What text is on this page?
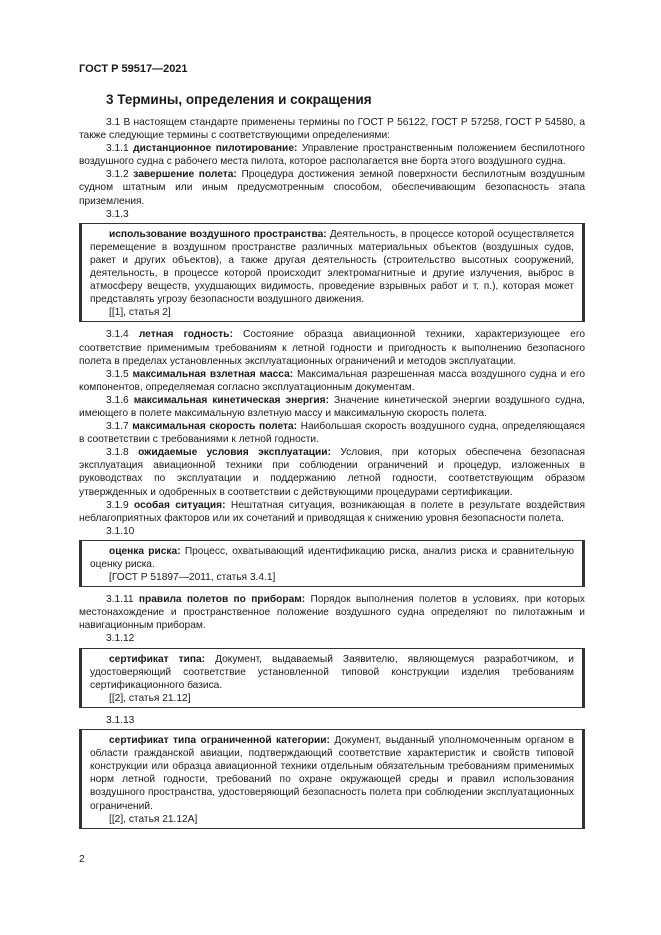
ГОСТ Р 59517—2021

3 Термины, определения и сокращения

3.1 В настоящем стандарте применены термины по ГОСТ Р 56122, ГОСТ Р 57258, ГОСТ Р 54580, а также следующие термины с соответствующими определениями:

3.1.1 дистанционное пилотирование: Управление пространственным положением беспилотного воздушного судна с рабочего места пилота, которое располагается вне борта этого воздушного судна.

3.1.2 завершение полета: Процедура достижения земной поверхности беспилотным воздушным судном штатным или иным предусмотренным способом, обеспечивающим безопасность этапа приземления.

3.1.3

использование воздушного пространства: Деятельность, в процессе которой осуществляется перемещение в воздушном пространстве различных материальных объектов (воздушных судов, ракет и других объектов), а также другая деятельность (строительство высотных сооружений, деятельность, в процессе которой происходит электромагнитные и другие излучения, выброс в атмосферу веществ, ухудшающих видимость, проведение взрывных работ и т. п.), которая может представлять угрозу безопасности воздушного движения.

[[1], статья 2]

3.1.4 летная годность: Состояние образца авиационной техники, характеризующее его соответствие применимым требованиям к летной годности и пригодность к выполнению безопасного полета в пределах установленных эксплуатационных ограничений и методов эксплуатации.

3.1.5 максимальная взлетная масса: Максимальная разрешенная масса воздушного судна и его компонентов, определяемая согласно эксплуатационным документам.

3.1.6 максимальная кинетическая энергия: Значение кинетической энергии воздушного судна, имеющего в полете максимальную взлетную массу и максимальную скорость полета.

3.1.7 максимальная скорость полета: Наибольшая скорость воздушного судна, определяющаяся в соответствии с требованиями к летной годности.

3.1.8 ожидаемые условия эксплуатации: Условия, при которых обеспечена безопасная эксплуатация авиационной техники при соблюдении ограничений и процедур, изложенных в руководствах по эксплуатации и поддержанию летной годности, соответствующим образом утвержденных и одобренных в соответствии с действующими процедурами сертификации.

3.1.9 особая ситуация: Нештатная ситуация, возникающая в полете в результате воздействия неблагоприятных факторов или их сочетаний и приводящая к снижению уровня безопасности полета.

3.1.10

оценка риска: Процесс, охватывающий идентификацию риска, анализ риска и сравнительную оценку риска.

[ГОСТ Р 51897—2011, статья 3.4.1]

3.1.11 правила полетов по приборам: Порядок выполнения полетов в условиях, при которых местонахождение и пространственное положение воздушного судна определяют по пилотажным и навигационным приборам.

3.1.12

сертификат типа: Документ, выдаваемый Заявителю, являющемуся разработчиком, и удостоверяющий соответствие установленной типовой конструкции изделия требованиям сертификационного базиса.

[[2], статья 21.12]

3.1.13

сертификат типа ограниченной категории: Документ, выданный уполномоченным органом в области гражданской авиации, подтверждающий соответствие характеристик и свойств типовой конструкции или образца авиационной техники отдельным обязательным требованиям применимых норм летной годности, требований по охране окружающей среды и правил использования воздушного пространства, удостоверяющий безопасность полета при соблюдении эксплуатационных ограничений.

[[2], статья 21.12А]

2
